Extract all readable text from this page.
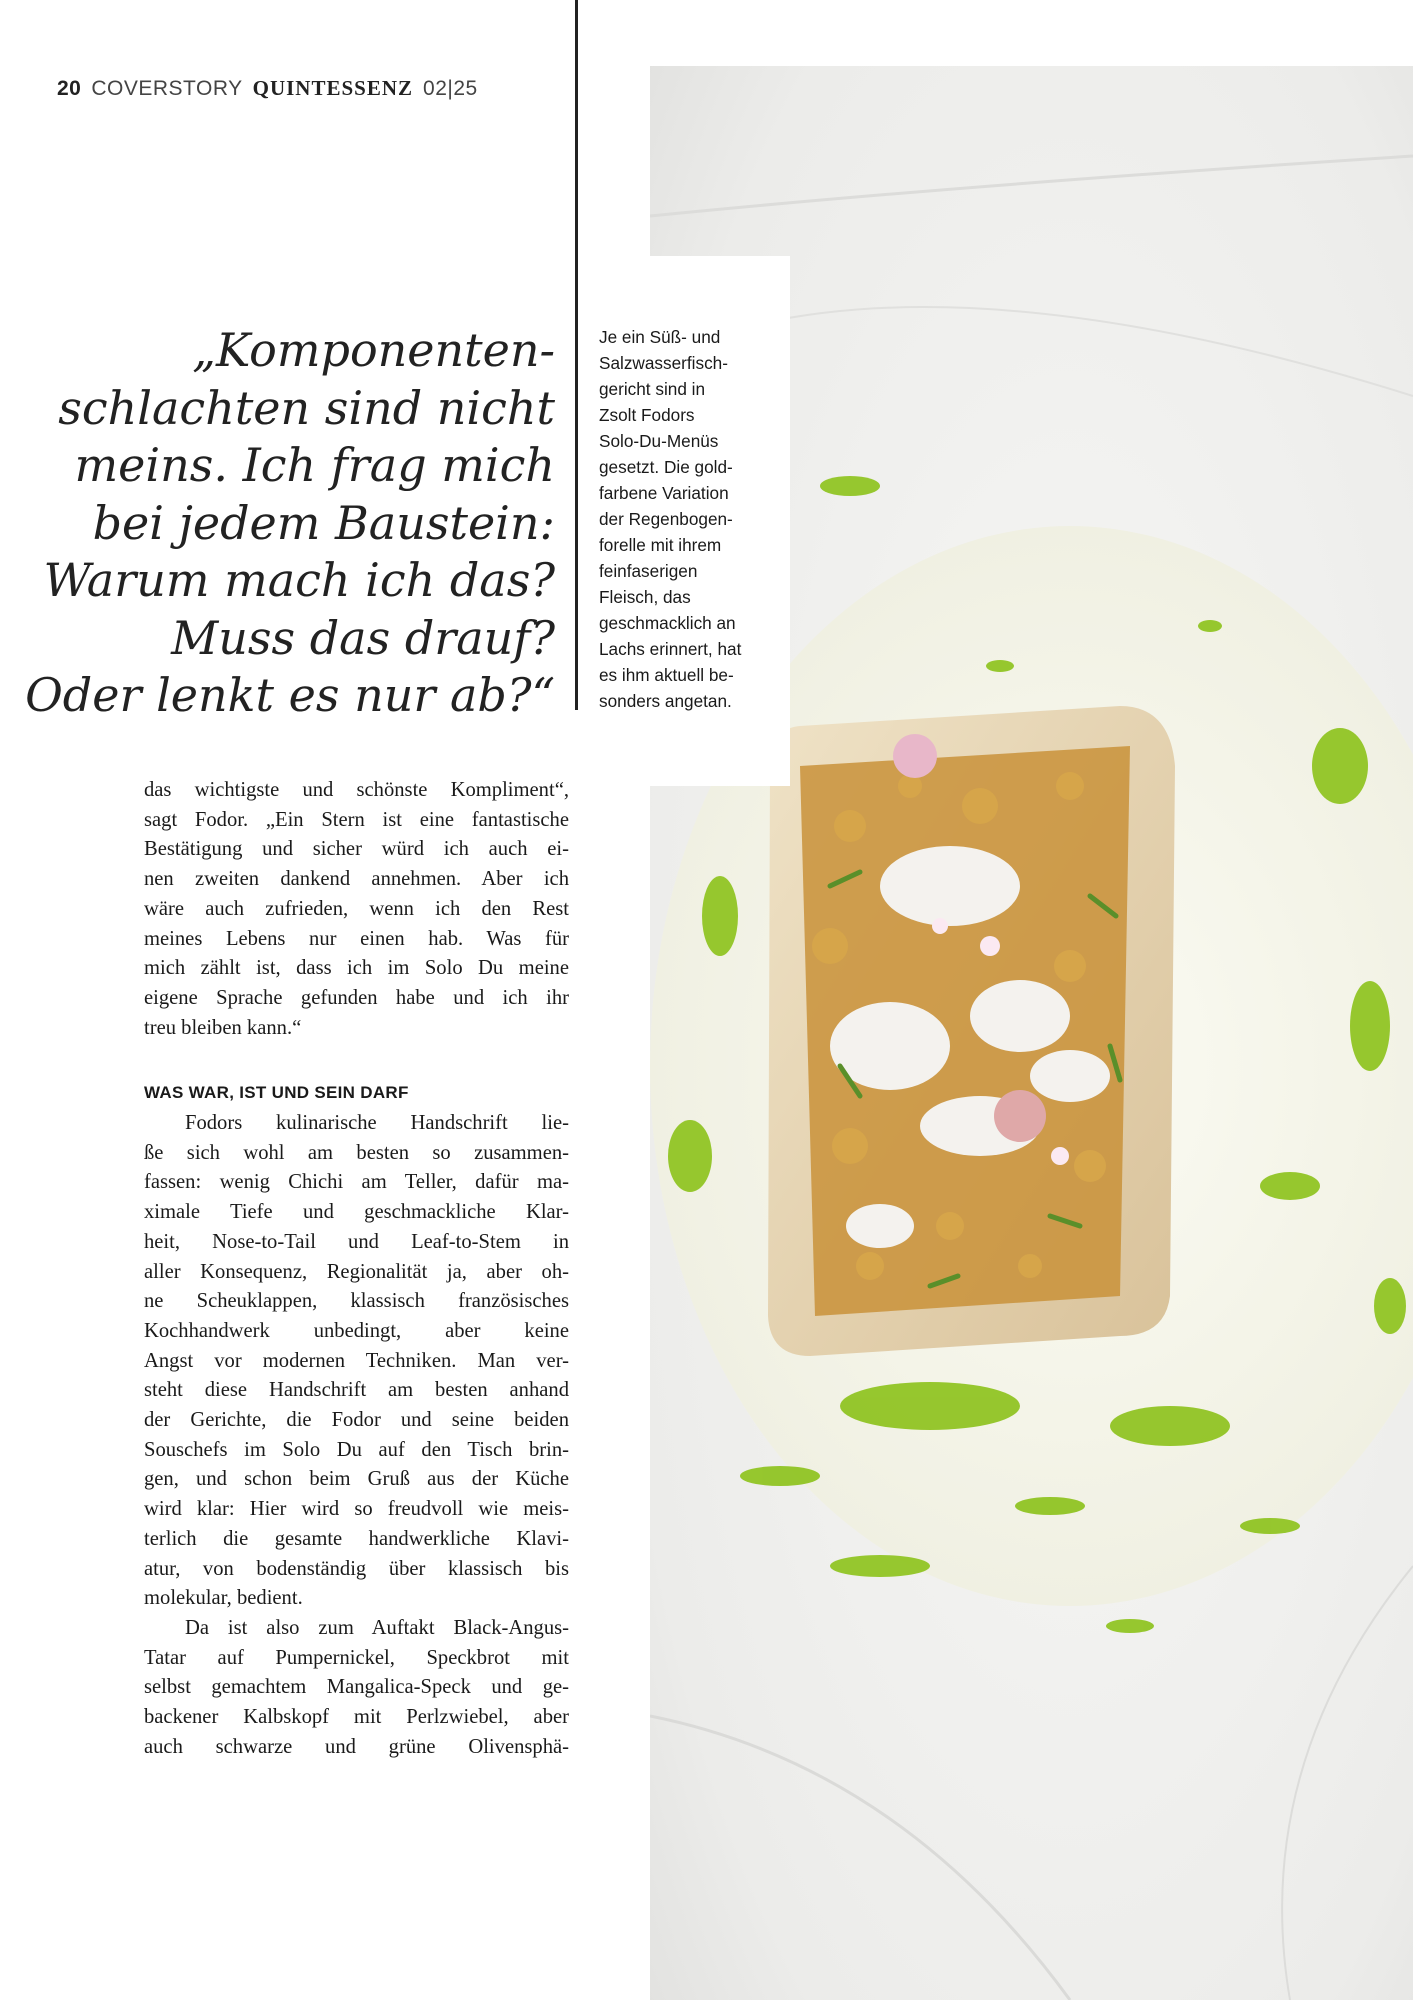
20 COVERSTORY QUINTESSENZ 02|25
Je ein Süß- und
Salzwasserfisch-
gericht sind in
Zsolt Fodors
Solo-Du-Menüs
gesetzt. Die gold-
farbene Variation
der Regenbogen-
forelle mit ihrem
feinfaserigen
Fleisch, das
geschmacklich an
Lachs erinnert, hat
es ihm aktuell be-
sonders angetan.
„Komponenten-
schlachten sind nicht
meins. Ich frag mich
bei jedem Baustein:
Warum mach ich das?
Muss das drauf?
Oder lenkt es nur ab?“
das wichtigste und schönste Kompliment“,
sagt Fodor. „Ein Stern ist eine fantastische
Bestätigung und sicher würd ich auch ei-
nen zweiten dankend annehmen. Aber ich
wäre auch zufrieden, wenn ich den Rest
meines Lebens nur einen hab. Was für
mich zählt ist, dass ich im Solo Du meine
eigene Sprache gefunden habe und ich ihr
treu bleiben kann.“
WAS WAR, IST UND SEIN DARF
Fodors kulinarische Handschrift lie-
ße sich wohl am besten so zusammen-
fassen: wenig Chichi am Teller, dafür ma-
ximale Tiefe und geschmackliche Klar-
heit, Nose-to-Tail und Leaf-to-Stem in
aller Konsequenz, Regionalität ja, aber oh-
ne Scheuklappen, klassisch französisches
Kochhandwerk unbedingt, aber keine
Angst vor modernen Techniken. Man ver-
steht diese Handschrift am besten anhand
der Gerichte, die Fodor und seine beiden
Souschefs im Solo Du auf den Tisch brin-
gen, und schon beim Gruß aus der Küche
wird klar: Hier wird so freudvoll wie meis-
terlich die gesamte handwerkliche Klavi-
atur, von bodenständig über klassisch bis
molekular, bedient.
Da ist also zum Auftakt Black-Angus-
Tatar auf Pumpernickel, Speckbrot mit
selbst gemachtem Mangalica-Speck und ge-
backener Kalbskopf mit Perlzwiebel, aber
auch schwarze und grüne Olivensphä-
